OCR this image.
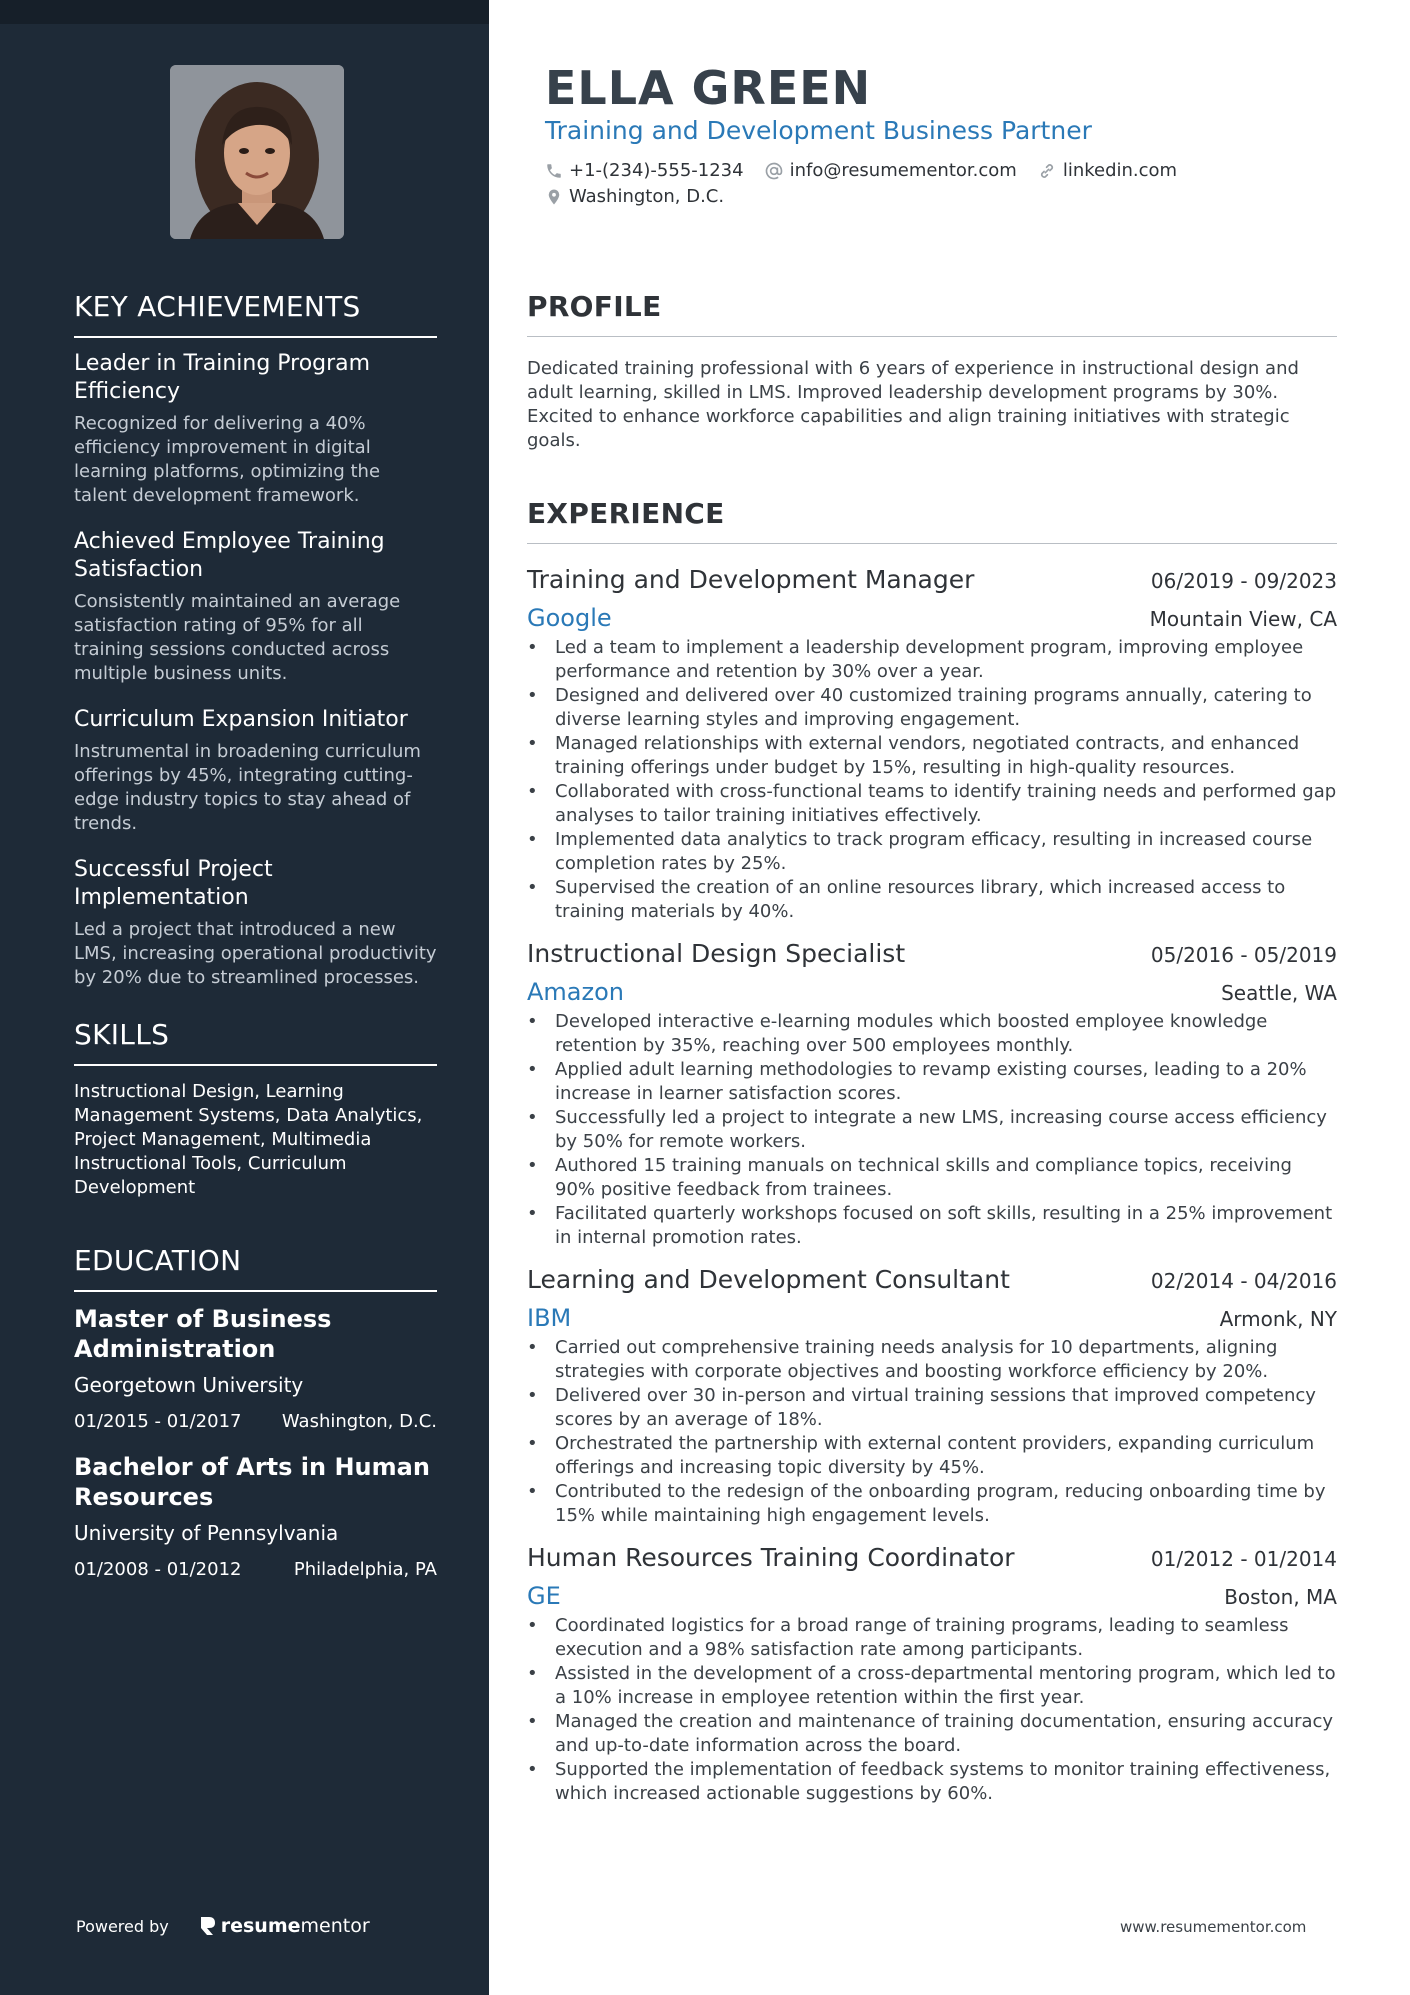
KEY ACHIEVEMENTS
Leader in Training Program Efficiency
Recognized for delivering a 40% efficiency improvement in digital learning platforms, optimizing the talent development framework.
Achieved Employee Training Satisfaction
Consistently maintained an average satisfaction rating of 95% for all training sessions conducted across multiple business units.
Curriculum Expansion Initiator
Instrumental in broadening curriculum offerings by 45%, integrating cutting-edge industry topics to stay ahead of trends.
Successful Project Implementation
Led a project that introduced a new LMS, increasing operational productivity by 20% due to streamlined processes.
SKILLS
Instructional Design, Learning Management Systems, Data Analytics, Project Management, Multimedia Instructional Tools, Curriculum Development
EDUCATION
Master of Business Administration
Georgetown University
01/2015 - 01/2017 Washington, D.C.
Bachelor of Arts in Human Resources
University of Pennsylvania
01/2008 - 01/2012	Philadelphia, PA
Powered by	resume mentor
ELLA GREEN
Training and Development Business Partner
+1-(234)-555-1234	info@resumementor.com	linkedin.com
Washington, D.C.
PROFILE
Dedicated training professional with 6 years of experience in instructional design and adult learning, skilled in LMS. Improved leadership development programs by 30%. Excited to enhance workforce capabilities and align training initiatives with strategic goals.
EXPERIENCE
Training and Development Manager	06/2019 - 09/2023
Google	Mountain View, CA
• Led a team to implement a leadership development program, improving employee performance and retention by 30% over a year.
• Designed and delivered over 40 customized training programs annually, catering to diverse learning styles and improving engagement.
• Managed relationships with external vendors, negotiated contracts, and enhanced training offerings under budget by 15%, resulting in high-quality resources.
• Collaborated with cross-functional teams to identify training needs and performed gap analyses to tailor training initiatives effectively.
• Implemented data analytics to track program efficacy, resulting in increased course completion rates by 25%.
• Supervised the creation of an online resources library, which increased access to training materials by 40%.
Instructional Design Specialist	05/2016 - 05/2019
Amazon	Seattle, WA
• Developed interactive e-learning modules which boosted employee knowledge retention by 35%, reaching over 500 employees monthly.
• Applied adult learning methodologies to revamp existing courses, leading to a 20% increase in learner satisfaction scores.
• Successfully led a project to integrate a new LMS, increasing course access efficiency by 50% for remote workers.
• Authored 15 training manuals on technical skills and compliance topics, receiving 90% positive feedback from trainees.
• Facilitated quarterly workshops focused on soft skills, resulting in a 25% improvement in internal promotion rates.
Learning and Development Consultant	02/2014 - 04/2016
IBM	Armonk, NY
• Carried out comprehensive training needs analysis for 10 departments, aligning strategies with corporate objectives and boosting workforce efficiency by 20%.
• Delivered over 30 in-person and virtual training sessions that improved competency scores by an average of 18%.
• Orchestrated the partnership with external content providers, expanding curriculum offerings and increasing topic diversity by 45%.
• Contributed to the redesign of the onboarding program, reducing onboarding time by 15% while maintaining high engagement levels.
Human Resources Training Coordinator	01/2012 - 01/2014
GE	Boston, MA
• Coordinated logistics for a broad range of training programs, leading to seamless execution and a 98% satisfaction rate among participants.
• Assisted in the development of a cross-departmental mentoring program, which led to a 10% increase in employee retention within the first year.
• Managed the creation and maintenance of training documentation, ensuring accuracy and up-to-date information across the board.
• Supported the implementation of feedback systems to monitor training effectiveness, which increased actionable suggestions by 60%.
www.resumementor.com
